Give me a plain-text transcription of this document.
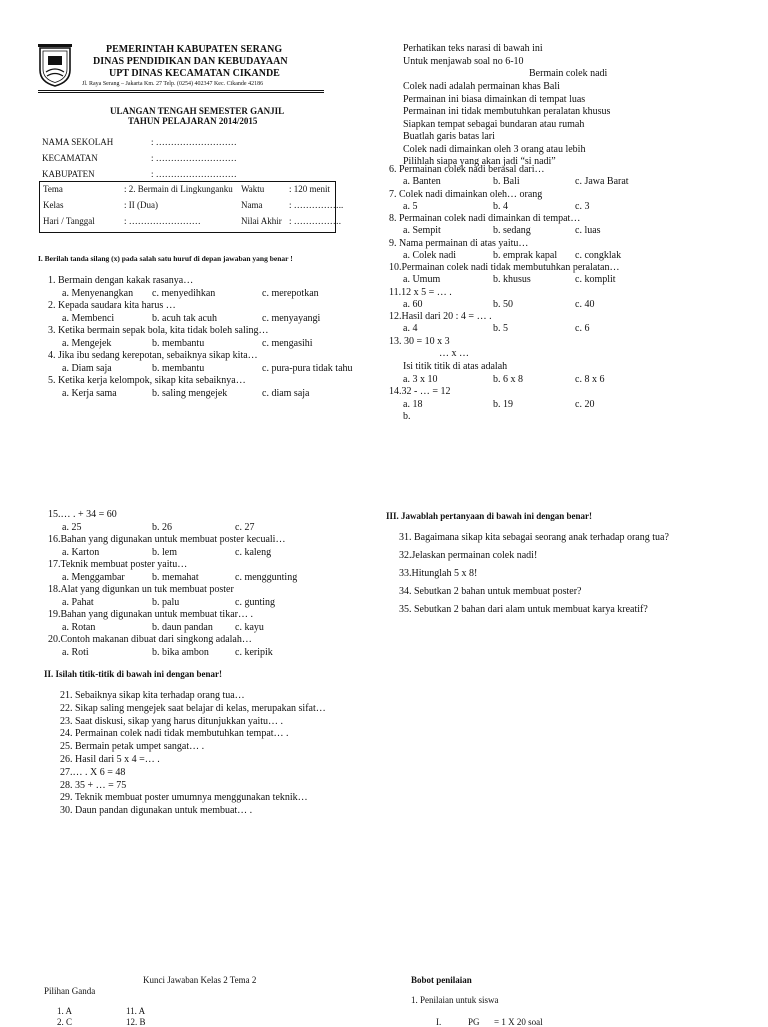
PEMERINTAH KABUPATEN SERANG
DINAS PENDIDIKAN DAN KEBUDAYAAN
UPT DINAS KECAMATAN CIKANDE
Jl. Raya Serang – Jakarta Km. 27 Telp. (0254) 402347 Kec. Cikande 42186
ULANGAN TENGAH SEMESTER GANJIL
TAHUN PELAJARAN 2014/2015
NAMA SEKOLAH	: ………………………
KECAMATAN	: ………………………
KABUPATEN	: ………………………
Tema	: 2. Bermain di Lingkunganku Waktu	: 120 menit
Kelas	: II (Dua)	Nama	: ……………..
Hari / Tanggal	: ……………………	Nilai Akhir : …………….
I. Berilah tanda silang (x) pada salah satu huruf di depan jawaban yang benar !
1. Bermain dengan kakak rasanya…
a. Menyenangkan c. menyedihkan	c. merepotkan
2. Kepada saudara kita harus …
a. Membenci	b. acuh tak acuh	c. menyayangi
3. Ketika bermain sepak bola, kita tidak boleh saling…
a. Mengejek	b. membantu	c. mengasihi
4. Jika ibu sedang kerepotan, sebaiknya sikap kita…
a. Diam saja	b. membantu	c. pura-pura tidak tahu
5. Ketika kerja kelompok, sikap kita sebaiknya…
a. Kerja sama	b. saling mengejek	c. diam saja
Perhatikan teks narasi di bawah ini
Untuk menjawab soal no 6-10
Bermain colek nadi
Colek nadi adalah permainan khas Bali
Permainan ini biasa dimainkan di tempat luas
Permainan ini tidak membutuhkan peralatan khusus
Siapkan tempat sebagai bundaran atau rumah
Buatlah garis batas lari
Colek nadi dimainkan oleh 3 orang atau lebih
Pilihlah siapa yang akan jadi “si nadi”
6. Permainan colek nadi berasal dari…
a. Banten	b. Bali	c. Jawa Barat
7. Colek nadi dimainkan oleh… orang
a. 5	b. 4	c. 3
8. Permainan colek nadi dimainkan di tempat…
a. Sempit	b. sedang	c. luas
9. Nama permainan di atas yaitu…
a. Colek nadi	b. emprak kapal c. congklak
10.Permainan colek nadi tidak membutuhkan peralatan…
a. Umum	b. khusus	c. komplit
11.12 x 5 = … .
a. 60	b. 50	c. 40
12.Hasil dari 20 : 4 = … .
a. 4	b. 5	c. 6
13. 30 = 10 x 3
… x …
Isi titik titik di atas adalah
a. 3 x 10	b. 6 x 8	c. 8 x 6
14.32 - … = 12
a. 18	b. 19	c. 20
b.
15.… . + 34 = 60
a. 25	b. 26	c. 27
16.Bahan yang digunakan untuk membuat poster kecuali…
a. Karton	b. lem	c. kaleng
17.Teknik membuat poster yaitu…
a. Menggambar	b. memahat	c. menggunting
18.Alat yang digunkan un tuk membuat poster
a. Pahat	b. palu	c. gunting
19.Bahan yang digunakan untuk membuat tikar… .
a. Rotan	b. daun pandan c. kayu
20.Contoh makanan dibuat dari singkong adalah…
a. Roti	b. bika ambon	c. keripik
II. Isilah titik-titik di bawah ini dengan benar!
21. Sebaiknya sikap kita terhadap orang tua…
22. Sikap saling mengejek saat belajar di kelas, merupakan sifat…
23. Saat diskusi, sikap yang harus ditunjukkan yaitu… .
24. Permainan colek nadi tidak membutuhkan tempat… .
25. Bermain petak umpet sangat… .
26. Hasil dari 5 x 4 =… .
27.… . X 6 = 48
28. 35 + … = 75
29. Teknik membuat poster umumnya menggunakan teknik…
30. Daun pandan digunakan untuk membuat… .
III. Jawablah pertanyaan di bawah ini dengan benar!
31. Bagaimana sikap kita sebagai seorang anak terhadap orang tua?
32.Jelaskan permainan colek nadi!
33.Hitunglah 5 x 8!
34. Sebutkan 2 bahan untuk membuat poster?
35. Sebutkan 2 bahan dari alam untuk membuat karya kreatif?
Kunci Jawaban Kelas 2 Tema 2
Pilihan Ganda
1. A
2. C
11. A
12. B
Bobot penilaian
1. Penilaian untuk siswa
I.	PG = 1 X 20 soal
